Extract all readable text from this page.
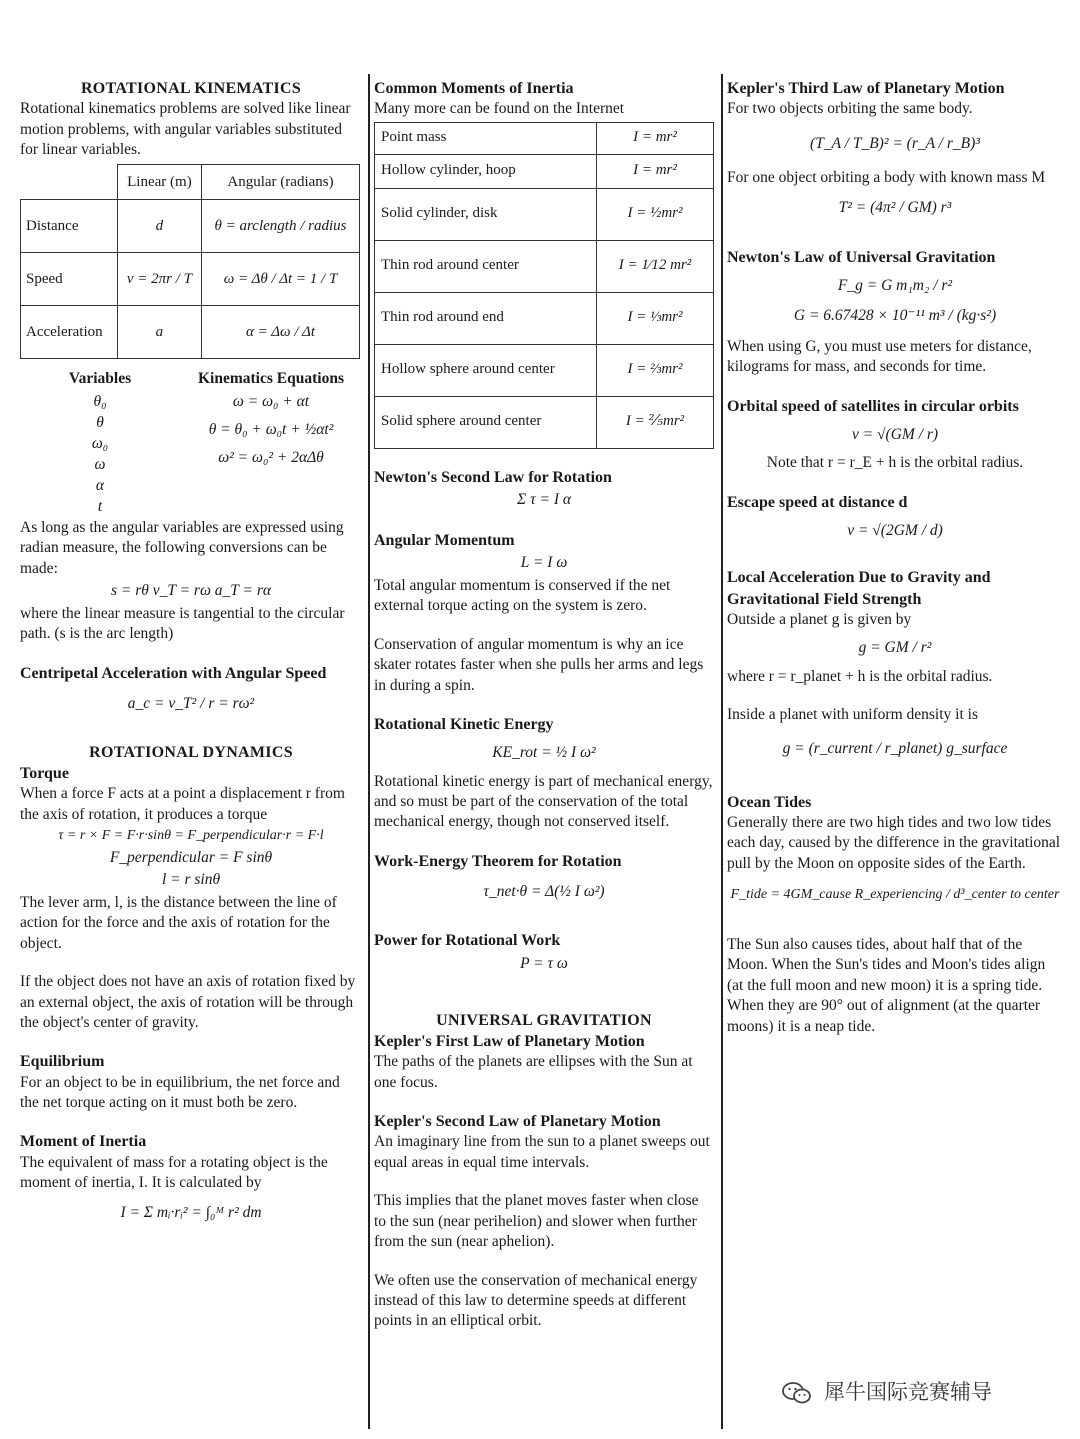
ROTATIONAL KINEMATICS

Rotational kinematics problems are solved like linear motion problems, with angular variables substituted for linear variables.

	Linear (m)	Angular (radians)
Distance	d	θ = arclength / radius
Speed	v = 2πr / T	ω = Δθ / Δt = 1 / T
Acceleration	a	α = Δω / Δt
Variables
θ₀
θ
ω₀
ω
α
t
Kinematics Equations
ω = ω₀ + αt
θ = θ₀ + ω₀t + ½αt²
ω² = ω₀² + 2αΔθ

As long as the angular variables are expressed using radian measure, the following conversions can be made:

s = rθ v_T = rω a_T = rα

where the linear measure is tangential to the circular path. (s is the arc length)

Centripetal Acceleration with Angular Speed
a_c = v_T² / r = rω²
ROTATIONAL DYNAMICS
Torque

When a force F acts at a point a displacement r from the axis of rotation, it produces a torque

τ = r × F = F·r·sinθ = F_perpendicular·r = F·l
F_perpendicular = F sinθ
l = r sinθ

The lever arm, l, is the distance between the line of action for the force and the axis of rotation for the object.

If the object does not have an axis of rotation fixed by an external object, the axis of rotation will be through the object's center of gravity.

Equilibrium

For an object to be in equilibrium, the net force and the net torque acting on it must both be zero.

Moment of Inertia

The equivalent of mass for a rotating object is the moment of inertia, I. It is calculated by

I = Σ mᵢ·rᵢ² = ∫₀ᴹ r² dm
Common Moments of Inertia

Many more can be found on the Internet

Point mass	I = mr²
Hollow cylinder, hoop	I = mr²
Solid cylinder, disk	I = ½mr²
Thin rod around center	I = 1⁄12 mr²
Thin rod around end	I = ⅓mr²
Hollow sphere around center	I = ⅔mr²
Solid sphere around center	I = ⅖mr²
Newton's Second Law for Rotation
Σ τ = I α
Angular Momentum
L = I ω

Total angular momentum is conserved if the net external torque acting on the system is zero.

Conservation of angular momentum is why an ice skater rotates faster when she pulls her arms and legs in during a spin.

Rotational Kinetic Energy
KE_rot = ½ I ω²

Rotational kinetic energy is part of mechanical energy, and so must be part of the conservation of the total mechanical energy, though not conserved itself.

Work-Energy Theorem for Rotation
τ_net·θ = Δ(½ I ω²)
Power for Rotational Work
P = τ ω
UNIVERSAL GRAVITATION
Kepler's First Law of Planetary Motion

The paths of the planets are ellipses with the Sun at one focus.

Kepler's Second Law of Planetary Motion

An imaginary line from the sun to a planet sweeps out equal areas in equal time intervals.

This implies that the planet moves faster when close to the sun (near perihelion) and slower when further from the sun (near aphelion).

We often use the conservation of mechanical energy instead of this law to determine speeds at different points in an elliptical orbit.

Kepler's Third Law of Planetary Motion

For two objects orbiting the same body.

(T_A / T_B)² = (r_A / r_B)³

For one object orbiting a body with known mass M

T² = (4π² / GM) r³
Newton's Law of Universal Gravitation
F_g = G m₁m₂ / r²
G = 6.67428 × 10⁻¹¹ m³ / (kg·s²)

When using G, you must use meters for distance, kilograms for mass, and seconds for time.

Orbital speed of satellites in circular orbits
v = √(GM / r)

Note that r = r_E + h is the orbital radius.

Escape speed at distance d
v = √(2GM / d)
Local Acceleration Due to Gravity and Gravitational Field Strength

Outside a planet g is given by

g = GM / r²

where r = r_planet + h is the orbital radius.

Inside a planet with uniform density it is

g = (r_current / r_planet) g_surface
Ocean Tides

Generally there are two high tides and two low tides each day, caused by the difference in the gravitational pull by the Moon on opposite sides of the Earth.

F_tide = 4GM_cause R_experiencing / d³_center to center

The Sun also causes tides, about half that of the Moon. When the Sun's tides and Moon's tides align (at the full moon and new moon) it is a spring tide. When they are 90° out of alignment (at the quarter moons) it is a neap tide.

犀牛国际竞赛辅导
